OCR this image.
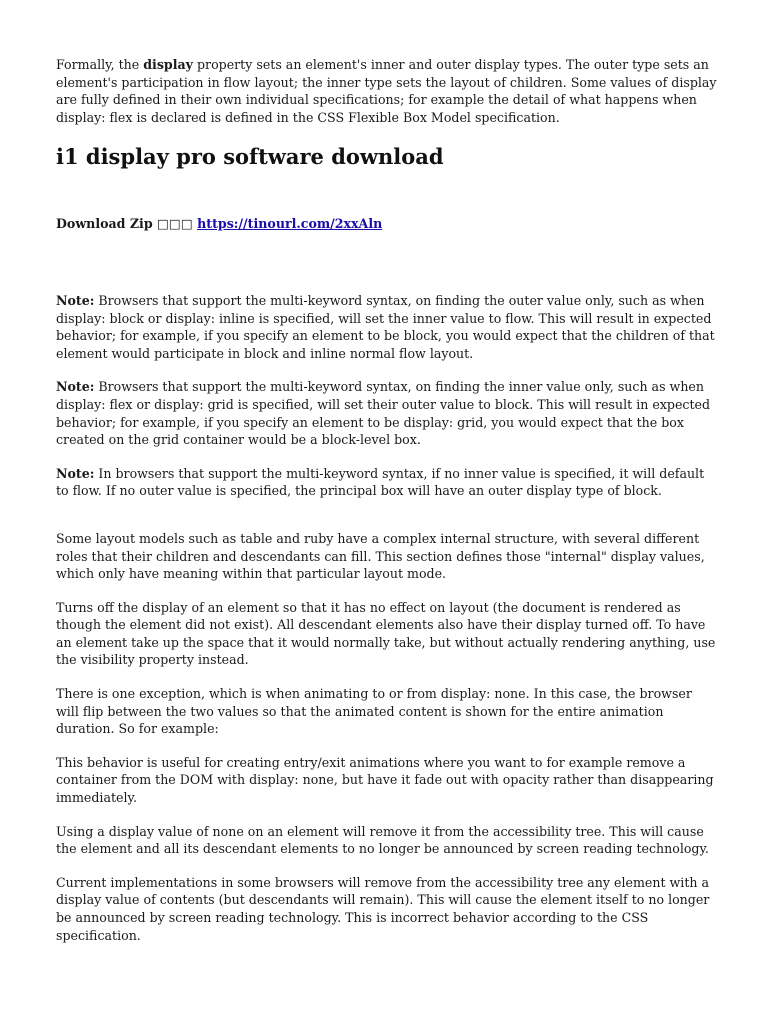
Formally, the display property sets an element's inner and outer display types. The outer type sets an element's participation in flow layout; the inner type sets the layout of children. Some values of display are fully defined in their own individual specifications; for example the detail of what happens when display: flex is declared is defined in the CSS Flexible Box Model specification.

i1 display pro software download
Download Zip □□□ https://tinourl.com/2xxAln

Note: Browsers that support the multi-keyword syntax, on finding the outer value only, such as when display: block or display: inline is specified, will set the inner value to flow. This will result in expected behavior; for example, if you specify an element to be block, you would expect that the children of that element would participate in block and inline normal flow layout.

Note: Browsers that support the multi-keyword syntax, on finding the inner value only, such as when display: flex or display: grid is specified, will set their outer value to block. This will result in expected behavior; for example, if you specify an element to be display: grid, you would expect that the box created on the grid container would be a block-level box.

Note: In browsers that support the multi-keyword syntax, if no inner value is specified, it will default to flow. If no outer value is specified, the principal box will have an outer display type of block.

Some layout models such as table and ruby have a complex internal structure, with several different roles that their children and descendants can fill. This section defines those "internal" display values, which only have meaning within that particular layout mode.

Turns off the display of an element so that it has no effect on layout (the document is rendered as though the element did not exist). All descendant elements also have their display turned off. To have an element take up the space that it would normally take, but without actually rendering anything, use the visibility property instead.

There is one exception, which is when animating to or from display: none. In this case, the browser will flip between the two values so that the animated content is shown for the entire animation duration. So for example:

This behavior is useful for creating entry/exit animations where you want to for example remove a container from the DOM with display: none, but have it fade out with opacity rather than disappearing immediately.

Using a display value of none on an element will remove it from the accessibility tree. This will cause the element and all its descendant elements to no longer be announced by screen reading technology.

Current implementations in some browsers will remove from the accessibility tree any element with a display value of contents (but descendants will remain). This will cause the element itself to no longer be announced by screen reading technology. This is incorrect behavior according to the CSS specification.
